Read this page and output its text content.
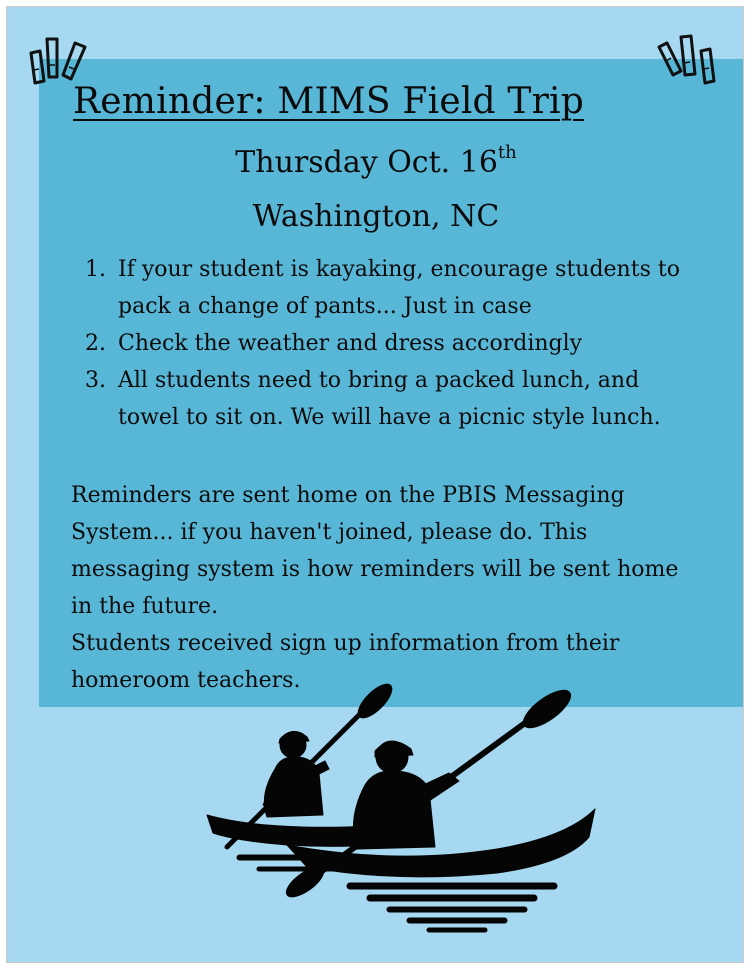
Reminder: MIMS Field Trip
Thursday Oct. 16th
Washington, NC
1. If your student is kayaking, encourage students to pack a change of pants... Just in case
2. Check the weather and dress accordingly
3. All students need to bring a packed lunch, and towel to sit on. We will have a picnic style lunch.

Reminders are sent home on the PBIS Messaging System... if you haven't joined, please do. This messaging system is how reminders will be sent home in the future.

Students received sign up information from their homeroom teachers.
